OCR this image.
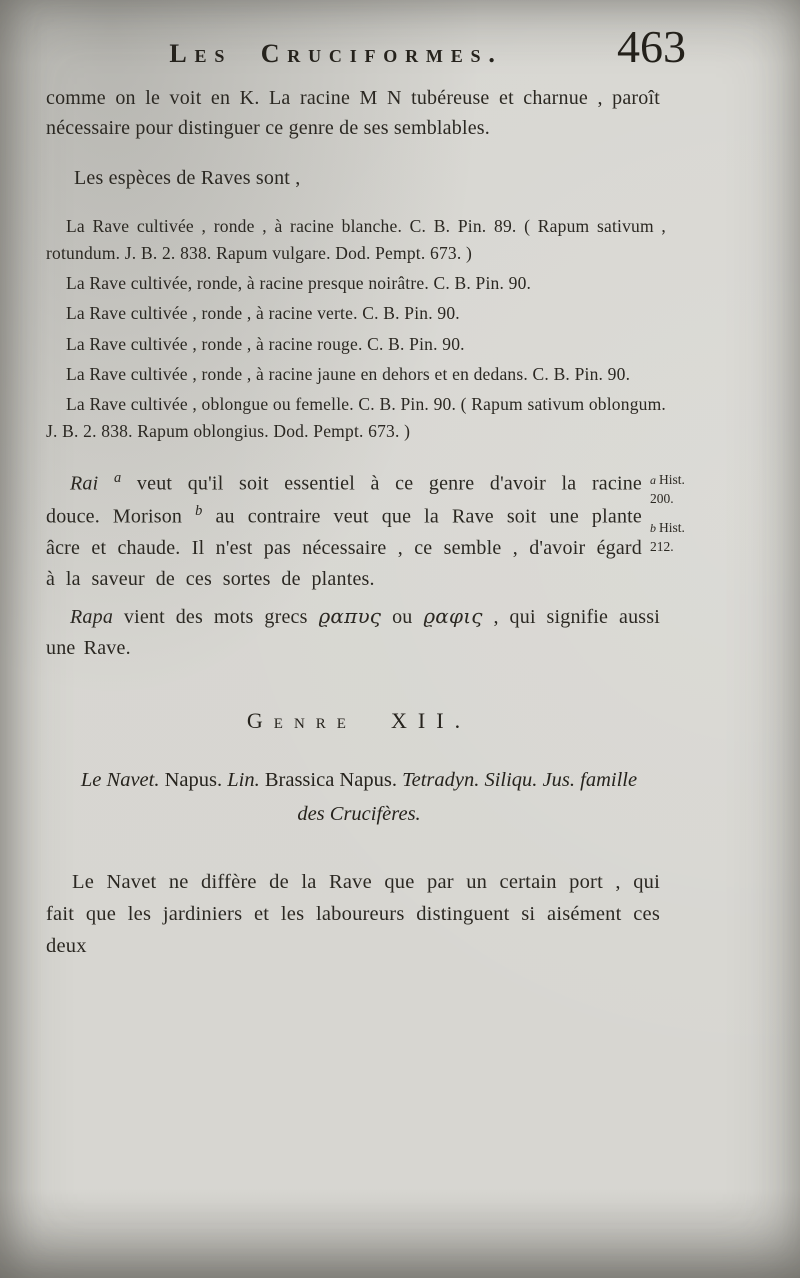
Les Cruciformes.	463

comme on le voit en K. La racine M N tubéreuse et charnue , paroît nécessaire pour distinguer ce genre de ses semblables.

Les espèces de Raves sont ,

La Rave cultivée , ronde , à racine blanche. C. B. Pin. 89. ( Rapum sativum , rotundum. J. B. 2. 838. Rapum vulgare. Dod. Pempt. 673. )

La Rave cultivée, ronde, à racine presque noirâtre. C. B. Pin. 90.

La Rave cultivée , ronde , à racine verte. C. B. Pin. 90.

La Rave cultivée , ronde , à racine rouge. C. B. Pin. 90.

La Rave cultivée , ronde , à racine jaune en dehors et en dedans. C. B. Pin. 90.

La Rave cultivée , oblongue ou femelle. C. B. Pin. 90. ( Rapum sativum oblongum. J. B. 2. 838. Rapum oblongius. Dod. Pempt. 673. )

Rai $^a$ veut qu'il soit essentiel à ce genre d'avoir la racine douce. Morison $^b$ au contraire veut que la Rave soit une plante âcre et chaude. Il n'est pas nécessaire , ce semble , d'avoir égard à la saveur de ces sortes de plantes.

a Hist.
200.
b Hist.
212.

Rapa vient des mots grecs ϱαπυς ou ϱαφις , qui signifie aussi une Rave.

Genre XII.
Le Navet. Napus. Lin. Brassica Napus. Tetradyn. Siliqu. Jus. famille des Crucifères.

Le Navet ne diffère de la Rave que par un certain port , qui fait que les jardiniers et les laboureurs distinguent si aisément ces deux
